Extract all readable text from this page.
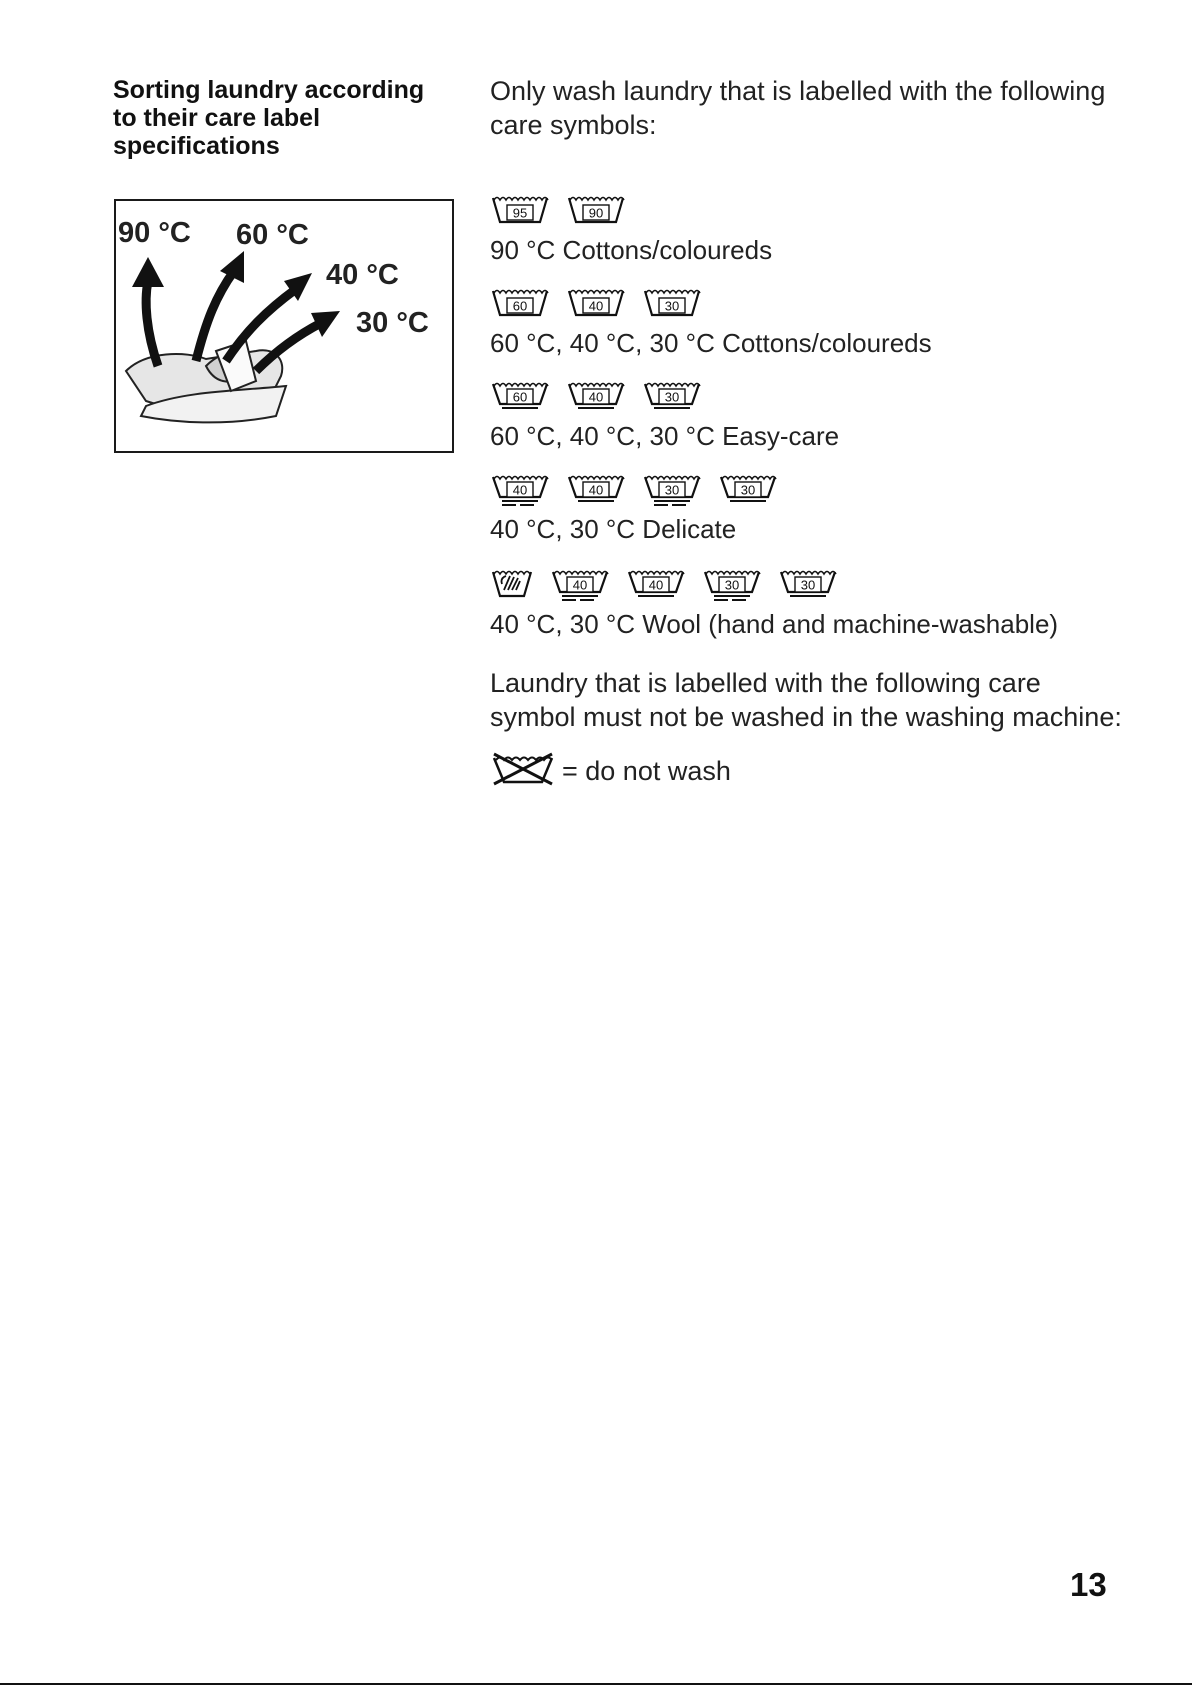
Sorting laundry according to their care label specifications
90 °C 60 °C
40 °C
30 °C

Only wash laundry that is labelled with the following care symbols:

95	90
90 °C Cottons/coloureds
60	40	30
60 °C, 40 °C, 30 °C Cottons/coloureds
60	40	30
60 °C, 40 °C, 30 °C Easy-care
40	40	30	30
40 °C, 30 °C Delicate
40	40	30	30
40 °C, 30 °C Wool (hand and machine-washable)

Laundry that is labelled with the following care symbol must not be washed in the washing machine:

= do not wash
13
